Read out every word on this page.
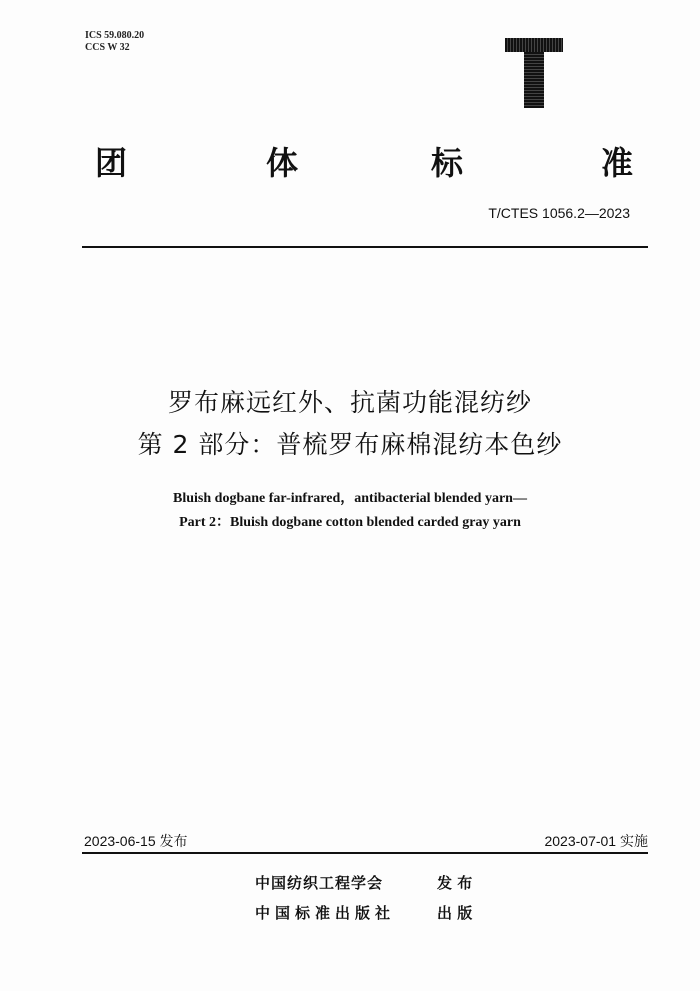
ICS 59.080.20
CCS W 32
团	体	标	准
T/CTES 1056.2—2023
罗布麻远红外、抗菌功能混纺纱
第 2 部分：普梳罗布麻棉混纺本色纱
Bluish dogbane far-infrared，antibacterial blended yarn—
Part 2：Bluish dogbane cotton blended carded gray yarn
2023-06-15 发布	2023-07-01 实施
中国纺织工程学会	发 布
中国标准出版社	出 版
